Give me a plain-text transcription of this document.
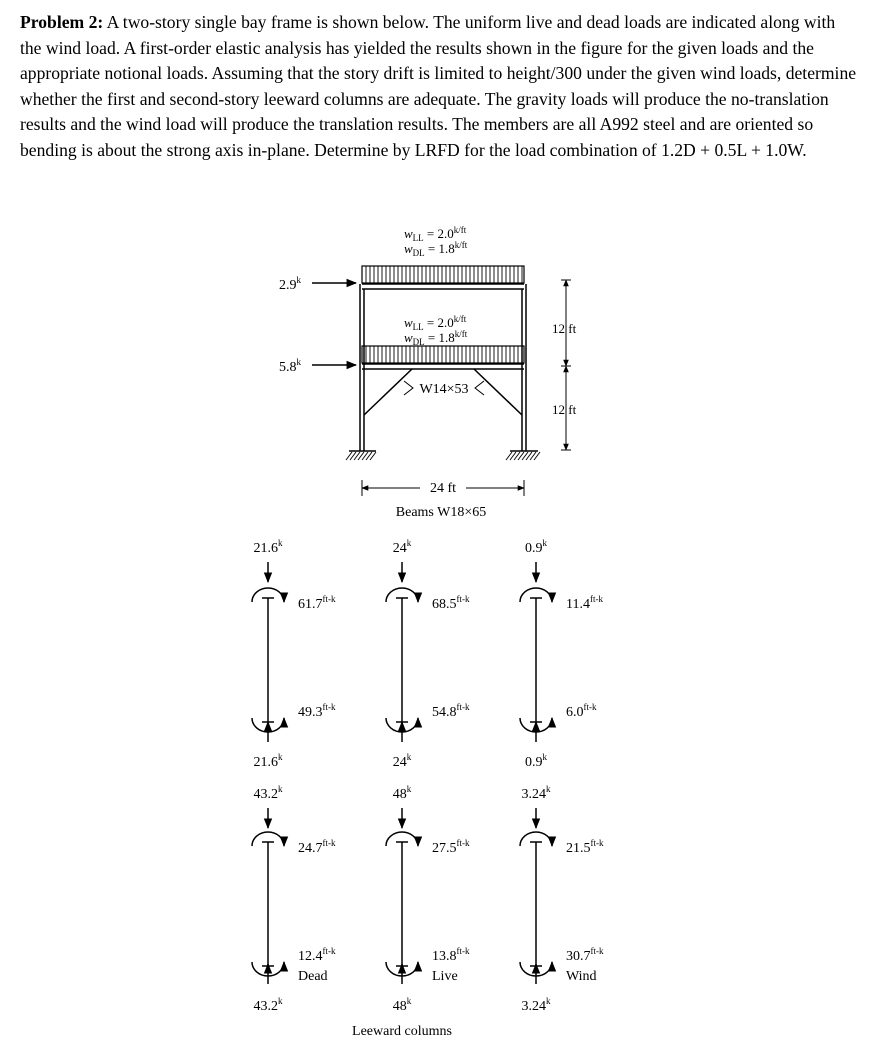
Problem 2: A two-story single bay frame is shown below. The uniform live and dead loads are indicated along with the wind load. A first-order elastic analysis has yielded the results shown in the figure for the given loads and the appropriate notional loads. Assuming that the story drift is limited to height/300 under the given wind loads, determine whether the first and second-story leeward columns are adequate. The gravity loads will produce the no-translation results and the wind load will produce the translation results. The members are all A992 steel and are oriented so bending is about the strong axis in-plane. Determine by LRFD for the load combination of 1.2D + 0.5L + 1.0W.

$w_{LL} = 2.0^{k/ft}$
$w_{DL} = 1.8^{k/ft}$
$w_{LL} = 2.0^{k/ft}$
$w_{DL} = 1.8^{k/ft}$
W14×53
2.9$^k$
5.8$^k$
12 ft
12 ft
24 ft
Beams W18×65
21.6$^k$
$61.7^{ft-k}$
$49.3^{ft-k}$
21.6$^k$
43.2$^k$
$24.7^{ft-k}$
$12.4^{ft-k}$
43.2$^k$
Dead
24$^k$
$68.5^{ft-k}$
$54.8^{ft-k}$
24$^k$
48$^k$
$27.5^{ft-k}$
$13.8^{ft-k}$
48$^k$
Live
0.9$^k$
$11.4^{ft-k}$
$6.0^{ft-k}$
0.9$^k$
3.24$^k$
$21.5^{ft-k}$
$30.7^{ft-k}$
3.24$^k$
Wind
Leeward columns
